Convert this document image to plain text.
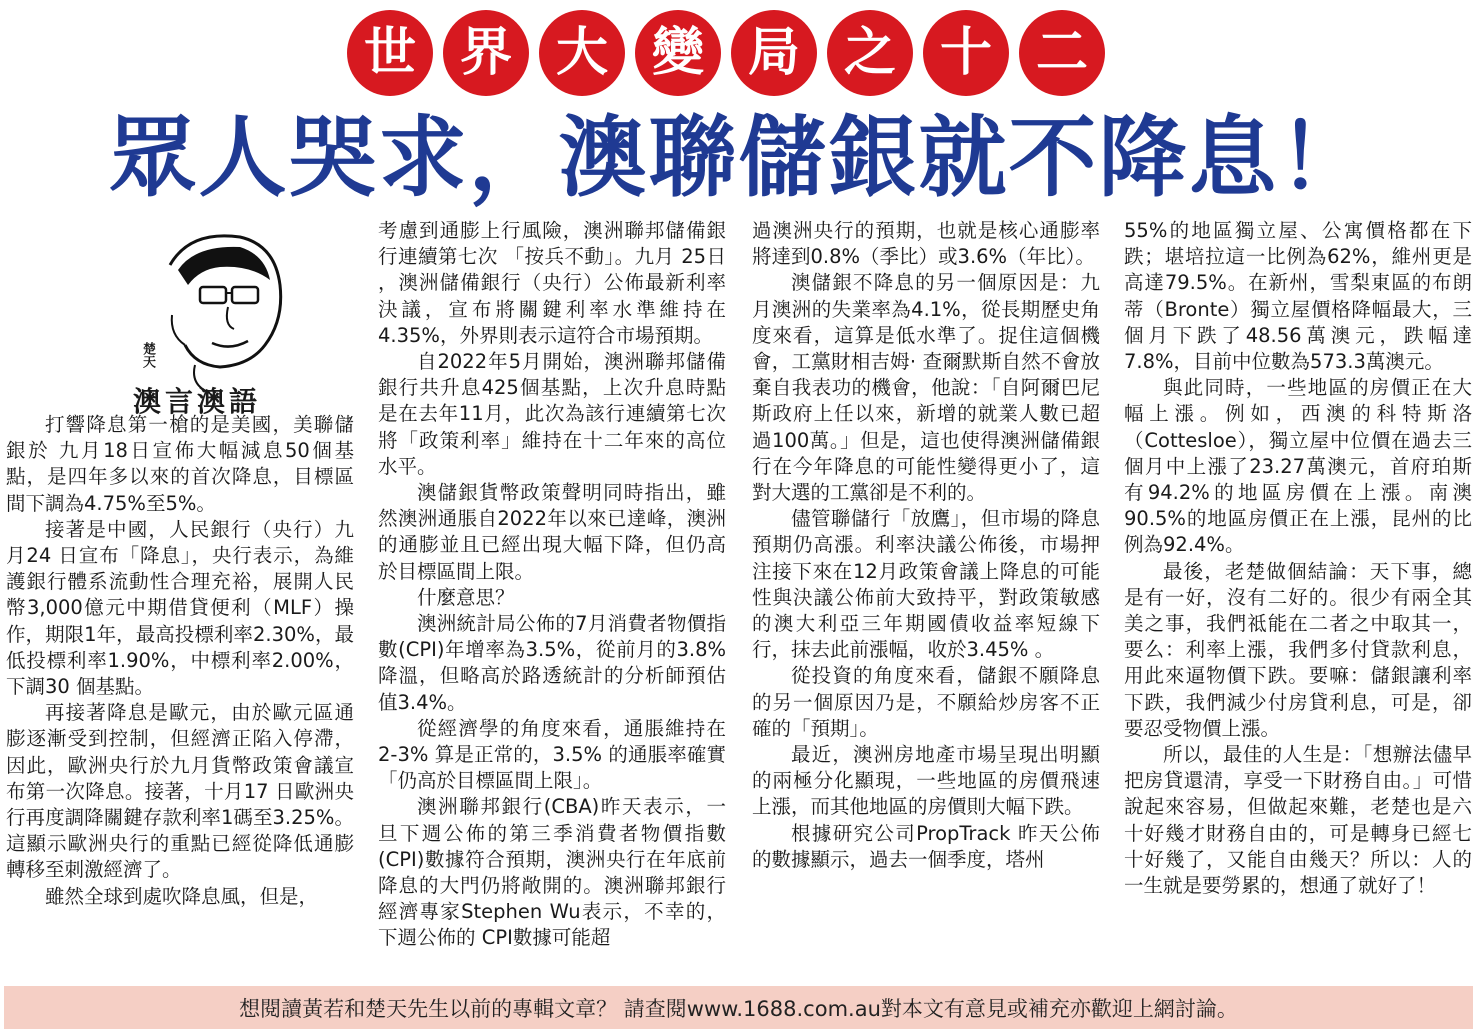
世 界 大 變 局 之 十 二
眾人哭求，澳聯儲銀就不降息！
楚天
澳言澳語

打響降息第一槍的是美國，美聯儲銀於 九月18日宣佈大幅減息50個基點，是四年多以來的首次降息，目標區間下調為4.75%至5%。

接著是中國，人民銀行（央行）九月24 日宣布「降息」，央行表示，為維護銀行體系流動性合理充裕，展開人民幣3,000億元中期借貸便利（MLF）操作，期限1年，最高投標利率2.30%，最低投標利率1.90%，中標利率2.00%，下調30 個基點。

再接著降息是歐元，由於歐元區通膨逐漸受到控制，但經濟正陷入停滯，因此，歐洲央行於九月貨幣政策會議宣布第一次降息。接著，十月17 日歐洲央行再度調降關鍵存款利率1碼至3.25%。這顯示歐洲央行的重點已經從降低通膨轉移至刺激經濟了。

雖然全球到處吹降息風，但是，

考慮到通膨上行風險，澳洲聯邦儲備銀行連續第七次 「按兵不動」。九月 25日 ，澳洲儲備銀行（央行）公佈最新利率決議，宣布將關鍵利率水準維持在4.35%，外界則表示這符合市場預期。

自2022年5月開始，澳洲聯邦儲備銀行共升息425個基點，上次升息時點是在去年11月，此次為該行連續第七次將「政策利率」維持在十二年來的高位水平。

澳儲銀貨幣政策聲明同時指出，雖然澳洲通脹自2022年以來已達峰，澳洲的通膨並且已經出現大幅下降，但仍高於目標區間上限。

什麼意思？

澳洲統計局公佈的7月消費者物價指數(CPI)年增率為3.5%，從前月的3.8%降溫，但略高於路透統計的分析師預估值3.4%。

從經濟學的角度來看，通脹維持在 2-3% 算是正常的，3.5% 的通脹率確實「仍高於目標區間上限」。

澳洲聯邦銀行(CBA)昨天表示，一旦下週公佈的第三季消費者物價指數(CPI)數據符合預期，澳洲央行在年底前降息的大門仍將敞開的。澳洲聯邦銀行經濟專家Stephen Wu表示，不幸的，下週公佈的 CPI數據可能超

過澳洲央行的預期，也就是核心通膨率將達到0.8%（季比）或3.6%（年比）。

澳儲銀不降息的另一個原因是：九月澳洲的失業率為4.1%，從長期歷史角度來看，這算是低水準了。捉住這個機會，工黨財相吉姆· 查爾默斯自然不會放棄自我表功的機會，他說：「自阿爾巴尼斯政府上任以來，新增的就業人數已超過100萬。」但是，這也使得澳洲儲備銀行在今年降息的可能性變得更小了，這對大選的工黨卻是不利的。

儘管聯儲行「放鷹」，但市場的降息預期仍高漲。利率決議公佈後，市場押注接下來在12月政策會議上降息的可能性與決議公佈前大致持平，對政策敏感的澳大利亞三年期國債收益率短線下行，抹去此前漲幅，收於3.45% 。

從投資的角度來看，儲銀不願降息的另一個原因乃是，不願給炒房客不正確的「預期」。

最近，澳洲房地產市場呈現出明顯的兩極分化顯現，一些地區的房價飛速上漲，而其他地區的房價則大幅下跌。

根據研究公司PropTrack 昨天公佈的數據顯示，過去一個季度，塔州

55%的地區獨立屋、公寓價格都在下跌；堪培拉這一比例為62%，維州更是高達79.5%。在新州，雪梨東區的布朗蒂（Bronte）獨立屋價格降幅最大，三個月下跌了48.56萬澳元，跌幅達7.8%，目前中位數為573.3萬澳元。

與此同時，一些地區的房價正在大幅上漲。例如，西澳的科特斯洛（Cottesloe），獨立屋中位價在過去三個月中上漲了23.27萬澳元，首府珀斯有94.2%的地區房價在上漲。南澳90.5%的地區房價正在上漲，昆州的比例為92.4%。

最後，老楚做個結論：天下事，總是有一好，沒有二好的。很少有兩全其美之事，我們祗能在二者之中取其一，要么：利率上漲，我們多付貸款利息，用此來逼物價下跌。要嘛：儲銀讓利率下跌，我們減少付房貸利息，可是，卻要忍受物價上漲。

所以，最佳的人生是：「想辦法儘早把房貸還清，享受一下財務自由。」可惜說起來容易，但做起來難，老楚也是六十好幾才財務自由的，可是轉身已經七十好幾了，又能自由幾天？所以：人的一生就是要勞累的，想通了就好了！

想閱讀黃若和楚天先生以前的專輯文章？ 請查閱www.1688.com.au對本文有意見或補充亦歡迎上網討論。
